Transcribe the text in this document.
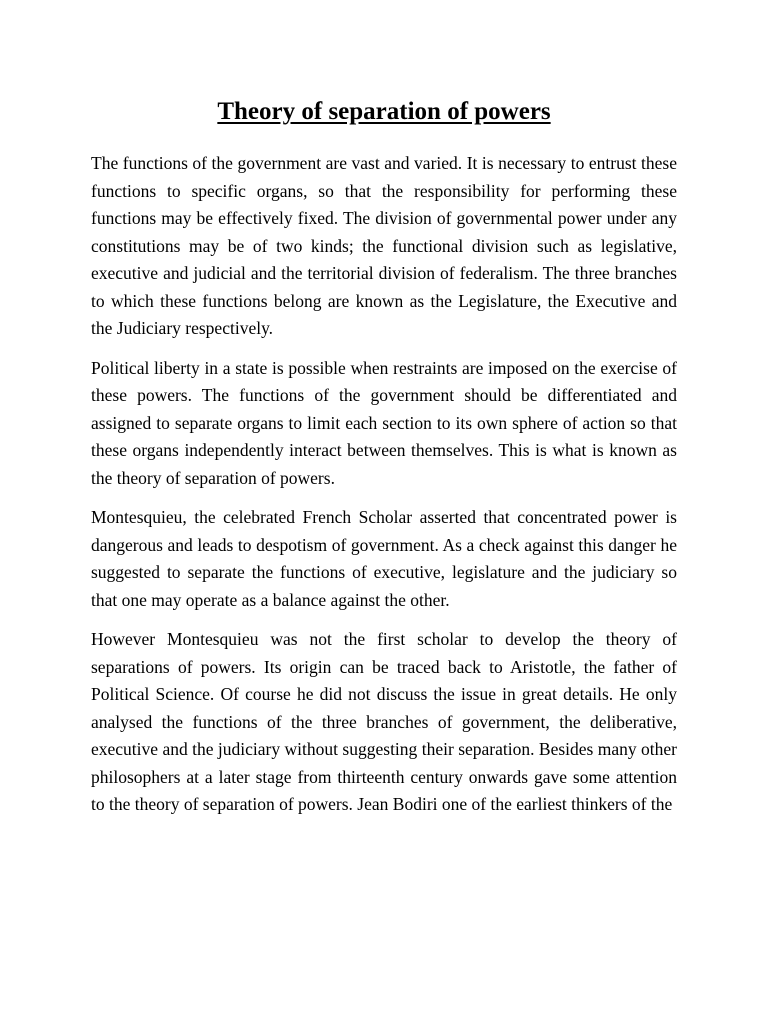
Theory of separation of powers

The functions of the government are vast and varied. It is necessary to entrust these functions to specific organs, so that the responsibility for performing these functions may be effectively fixed. The division of governmental power under any constitutions may be of two kinds; the functional division such as legislative, executive and judicial and the territorial division of federalism. The three branches to which these functions belong are known as the Legislature, the Executive and the Judiciary respectively.

Political liberty in a state is possible when restraints are imposed on the exercise of these powers. The functions of the government should be differentiated and assigned to separate organs to limit each section to its own sphere of action so that these organs independently interact between themselves. This is what is known as the theory of separation of powers.

Montesquieu, the celebrated French Scholar asserted that concentrated power is dangerous and leads to despotism of government. As a check against this danger he suggested to separate the functions of executive, legislature and the judiciary so that one may operate as a balance against the other.

However Montesquieu was not the first scholar to develop the theory of separations of powers. Its origin can be traced back to Aristotle, the father of Political Science. Of course he did not discuss the issue in great details. He only analysed the functions of the three branches of government, the deliberative, executive and the judiciary without suggesting their separation. Besides many other philosophers at a later stage from thirteenth century onwards gave some attention to the theory of separation of powers. Jean Bodiri one of the earliest thinkers of the
